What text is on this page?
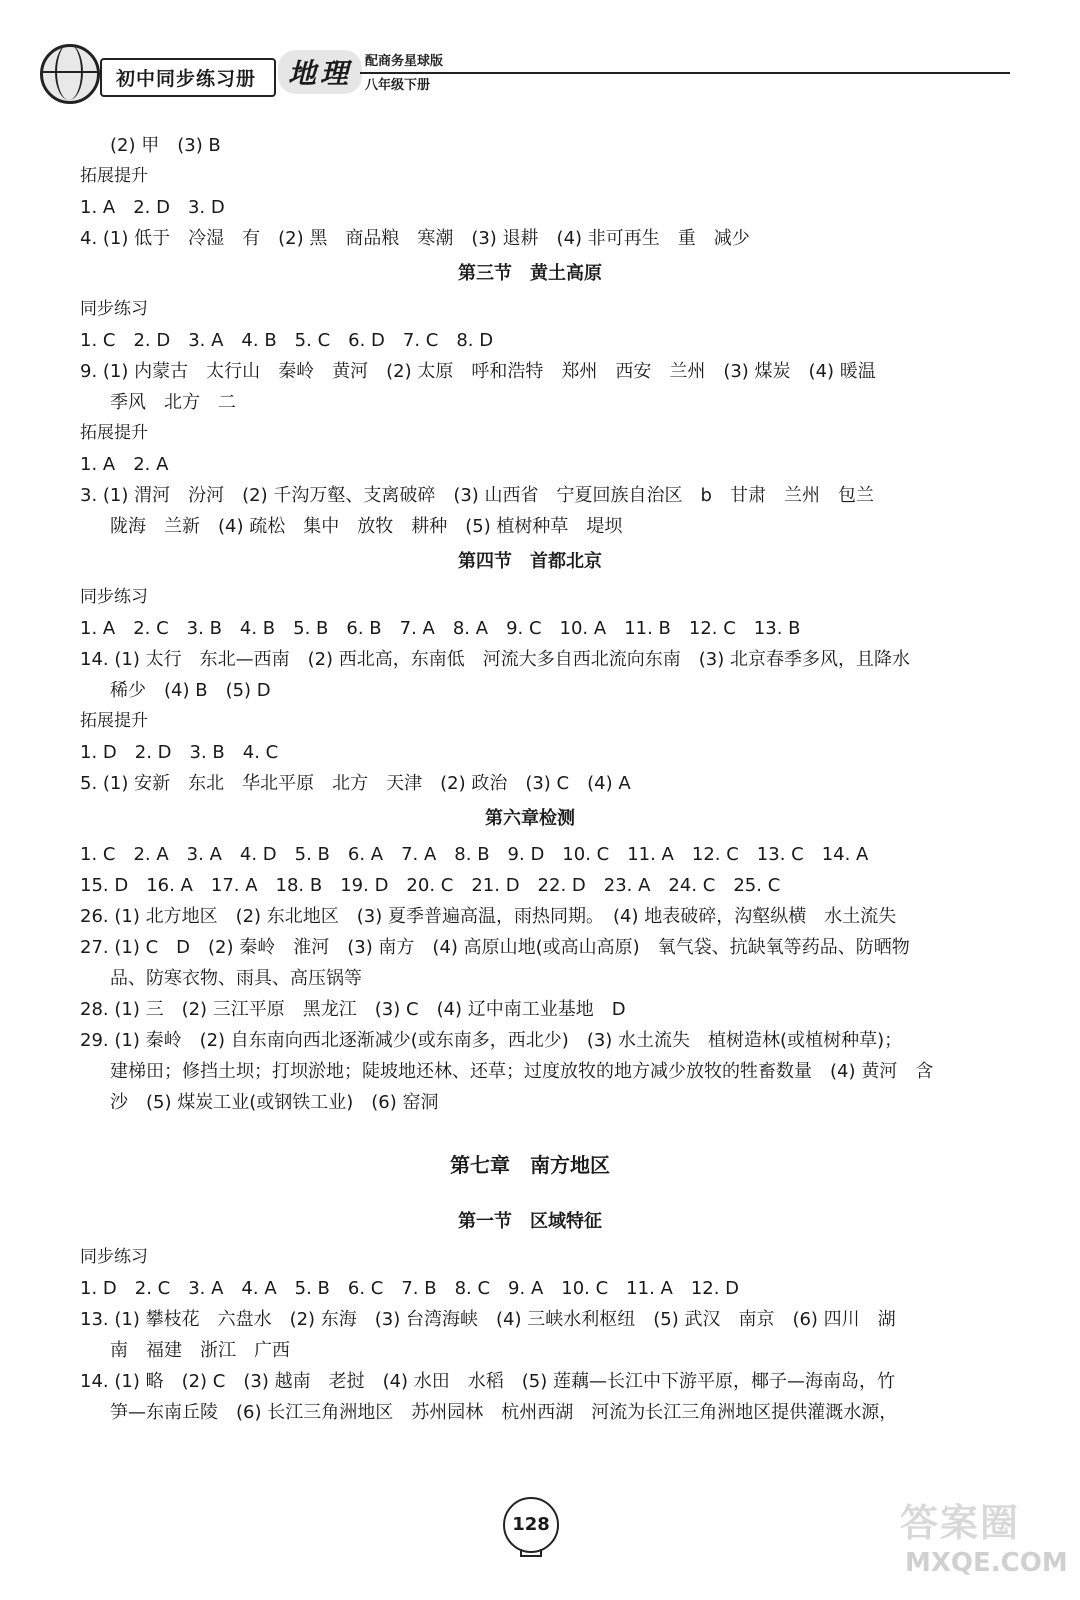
初中同步练习册	地理 配商务星球版
八年级下册
(2) 甲　(3) B
拓展提升
1. A　2. D　3. D
4. (1) 低于　冷湿　有　(2) 黑　商品粮　寒潮　(3) 退耕　(4) 非可再生　重　减少
第三节　黄土高原
同步练习
1. C　2. D　3. A　4. B　5. C　6. D　7. C　8. D
9. (1) 内蒙古　太行山　秦岭　黄河　(2) 太原　呼和浩特　郑州　西安　兰州　(3) 煤炭　(4) 暖温
季风　北方　二
拓展提升
1. A　2. A
3. (1) 渭河　汾河　(2) 千沟万壑、支离破碎　(3) 山西省　宁夏回族自治区　b　甘肃　兰州　包兰
陇海　兰新　(4) 疏松　集中　放牧　耕种　(5) 植树种草　堤坝
第四节　首都北京
同步练习
1. A　2. C　3. B　4. B　5. B　6. B　7. A　8. A　9. C　10. A　11. B　12. C　13. B
14. (1) 太行　东北—西南　(2) 西北高，东南低　河流大多自西北流向东南　(3) 北京春季多风，且降水
稀少　(4) B　(5) D
拓展提升
1. D　2. D　3. B　4. C
5. (1) 安新　东北　华北平原　北方　天津　(2) 政治　(3) C　(4) A
第六章检测
1. C　2. A　3. A　4. D　5. B　6. A　7. A　8. B　9. D　10. C　11. A　12. C　13. C　14. A
15. D　16. A　17. A　18. B　19. D　20. C　21. D　22. D　23. A　24. C　25. C
26. (1) 北方地区　(2) 东北地区　(3) 夏季普遍高温，雨热同期。　(4) 地表破碎，沟壑纵横　水土流失
27. (1) C　D　(2) 秦岭　淮河　(3) 南方　(4) 高原山地(或高山高原)　氧气袋、抗缺氧等药品、防晒物
品、防寒衣物、雨具、高压锅等
28. (1) 三　(2) 三江平原　黑龙江　(3) C　(4) 辽中南工业基地　D
29. (1) 秦岭　(2) 自东南向西北逐渐减少(或东南多，西北少)　(3) 水土流失　植树造林(或植树种草)；
建梯田；修挡土坝；打坝淤地；陡坡地还林、还草；过度放牧的地方减少放牧的牲畜数量　(4) 黄河　含
沙　(5) 煤炭工业(或钢铁工业)　(6) 窑洞
第七章　南方地区
第一节　区域特征
同步练习
1. D　2. C　3. A　4. A　5. B　6. C　7. B　8. C　9. A　10. C　11. A　12. D
13. (1) 攀枝花　六盘水　(2) 东海　(3) 台湾海峡　(4) 三峡水利枢纽　(5) 武汉　南京　(6) 四川　湖
南　福建　浙江　广西
14. (1) 略　(2) C　(3) 越南　老挝　(4) 水田　水稻　(5) 莲藕—长江中下游平原，椰子—海南岛，竹
笋—东南丘陵　(6) 长江三角洲地区　苏州园林　杭州西湖　河流为长江三角洲地区提供灌溉水源，
128	答案圈
MXQE.COM
